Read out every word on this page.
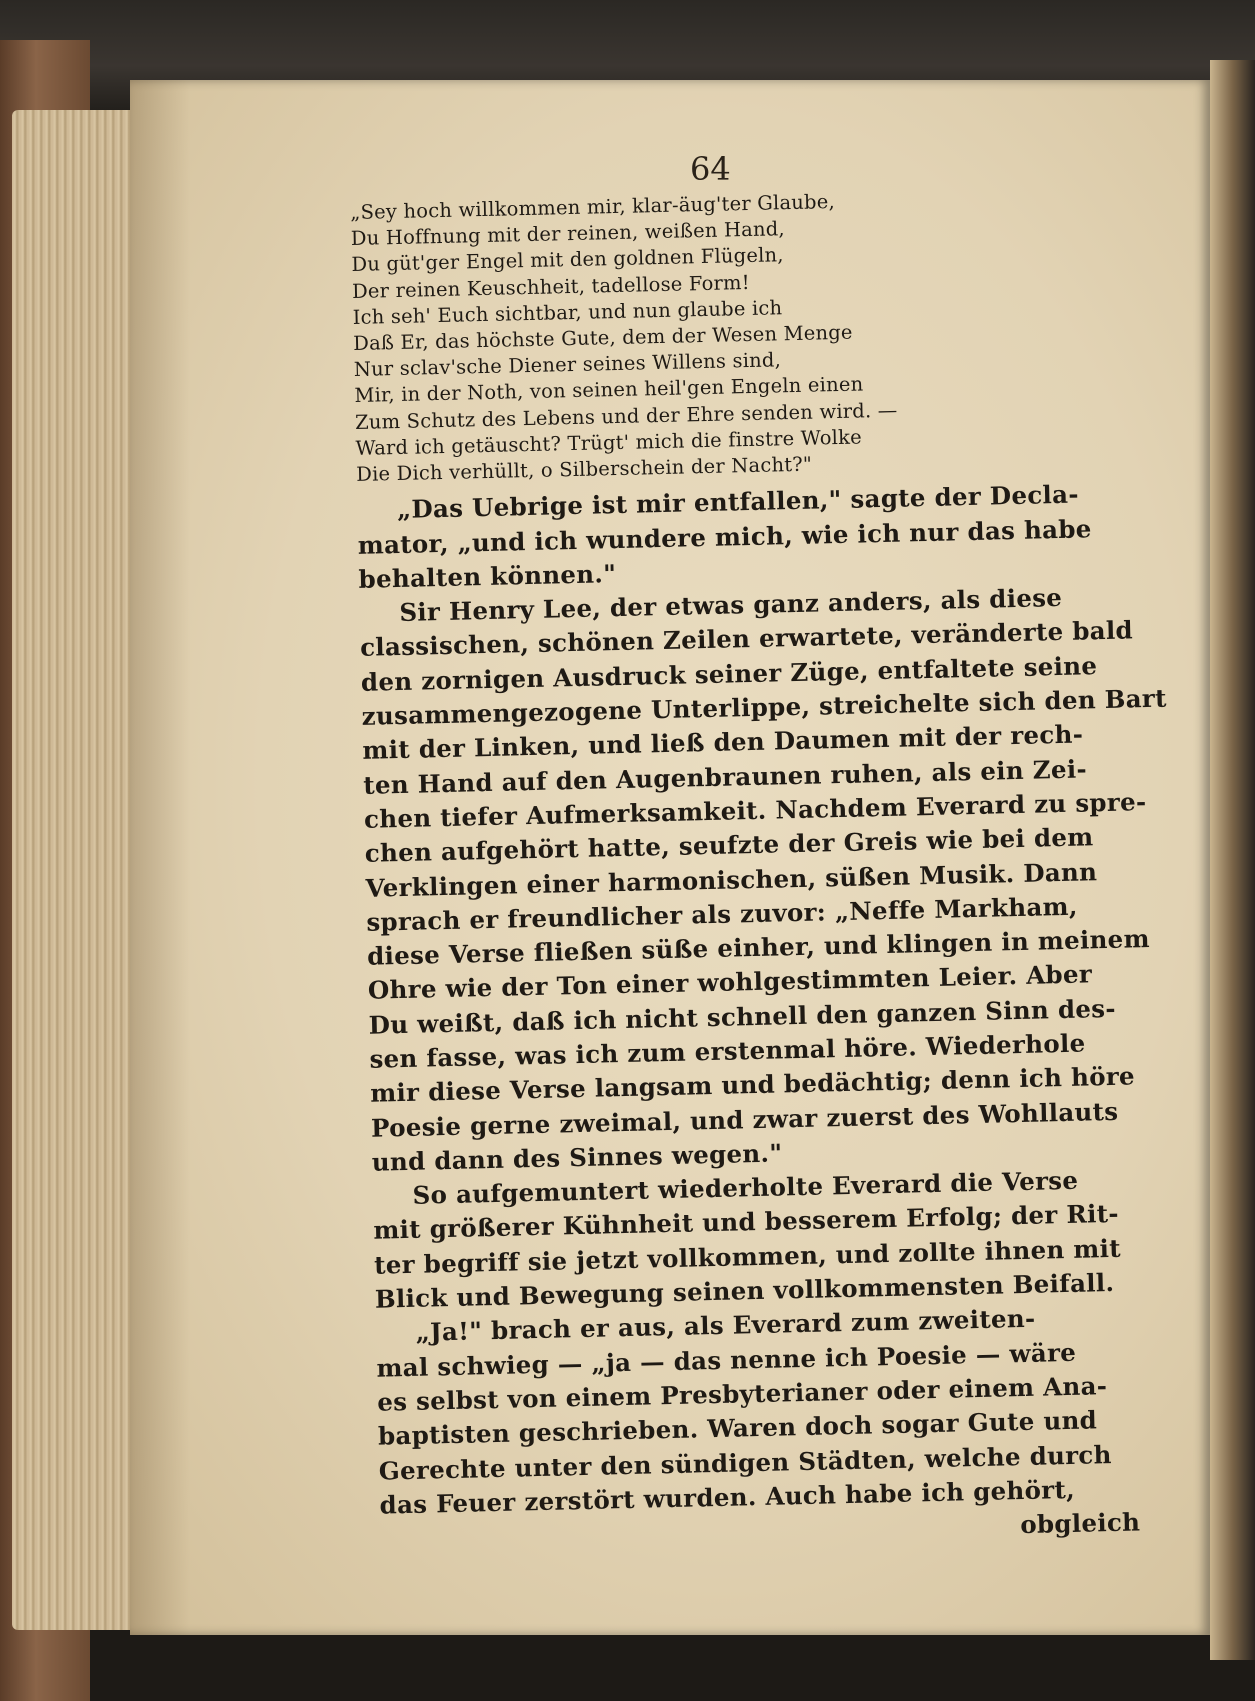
64
„Sey hoch willkommen mir, klar-äug'ter Glaube,
Du Hoffnung mit der reinen, weißen Hand,
Du güt'ger Engel mit den goldnen Flügeln,
Der reinen Keuschheit, tadellose Form!
Ich seh' Euch sichtbar, und nun glaube ich
Daß Er, das höchste Gute, dem der Wesen Menge
Nur sclav'sche Diener seines Willens sind,
Mir, in der Noth, von seinen heil'gen Engeln einen
Zum Schutz des Lebens und der Ehre senden wird. —
Ward ich getäuscht? Trügt' mich die finstre Wolke
Die Dich verhüllt, o Silberschein der Nacht?"
„Das Uebrige ist mir entfallen," sagte der Decla-
mator, „und ich wundere mich, wie ich nur das habe
behalten können."
Sir Henry Lee, der etwas ganz anders, als diese
classischen, schönen Zeilen erwartete, veränderte bald
den zornigen Ausdruck seiner Züge, entfaltete seine
zusammengezogene Unterlippe, streichelte sich den Bart
mit der Linken, und ließ den Daumen mit der rech-
ten Hand auf den Augenbraunen ruhen, als ein Zei-
chen tiefer Aufmerksamkeit. Nachdem Everard zu spre-
chen aufgehört hatte, seufzte der Greis wie bei dem
Verklingen einer harmonischen, süßen Musik. Dann
sprach er freundlicher als zuvor: „Neffe Markham,
diese Verse fließen süße einher, und klingen in meinem
Ohre wie der Ton einer wohlgestimmten Leier. Aber
Du weißt, daß ich nicht schnell den ganzen Sinn des-
sen fasse, was ich zum erstenmal höre. Wiederhole
mir diese Verse langsam und bedächtig; denn ich höre
Poesie gerne zweimal, und zwar zuerst des Wohllauts
und dann des Sinnes wegen."
So aufgemuntert wiederholte Everard die Verse
mit größerer Kühnheit und besserem Erfolg; der Rit-
ter begriff sie jetzt vollkommen, und zollte ihnen mit
Blick und Bewegung seinen vollkommensten Beifall.
„Ja!" brach er aus, als Everard zum zweiten-
mal schwieg — „ja — das nenne ich Poesie — wäre
es selbst von einem Presbyterianer oder einem Ana-
baptisten geschrieben. Waren doch sogar Gute und
Gerechte unter den sündigen Städten, welche durch
das Feuer zerstört wurden. Auch habe ich gehört,
obgleich
